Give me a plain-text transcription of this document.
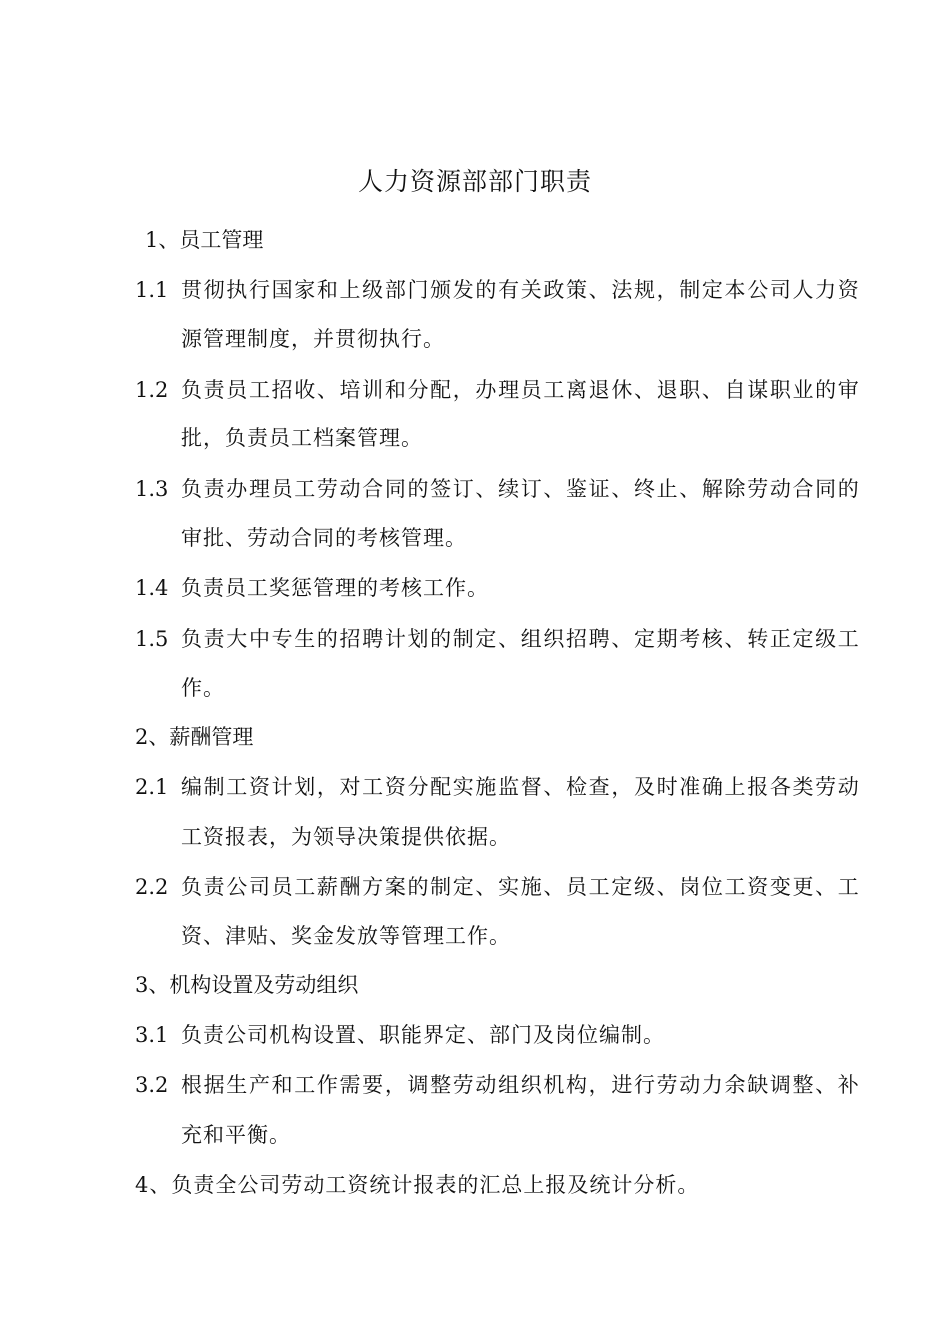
人力资源部部门职责
1、员工管理
1.1 贯彻执行国家和上级部门颁发的有关政策、法规，制定本公司人力资
源管理制度，并贯彻执行。
1.2 负责员工招收、培训和分配，办理员工离退休、退职、自谋职业的审
批，负责员工档案管理。
1.3 负责办理员工劳动合同的签订、续订、鉴证、终止、解除劳动合同的
审批、劳动合同的考核管理。
1.4 负责员工奖惩管理的考核工作。
1.5 负责大中专生的招聘计划的制定、组织招聘、定期考核、转正定级工
作。
2、薪酬管理
2.1 编制工资计划，对工资分配实施监督、检查，及时准确上报各类劳动
工资报表，为领导决策提供依据。
2.2 负责公司员工薪酬方案的制定、实施、员工定级、岗位工资变更、工
资、津贴、奖金发放等管理工作。
3、机构设置及劳动组织
3.1 负责公司机构设置、职能界定、部门及岗位编制。
3.2 根据生产和工作需要，调整劳动组织机构，进行劳动力余缺调整、补
充和平衡。
4、负责全公司劳动工资统计报表的汇总上报及统计分析。
